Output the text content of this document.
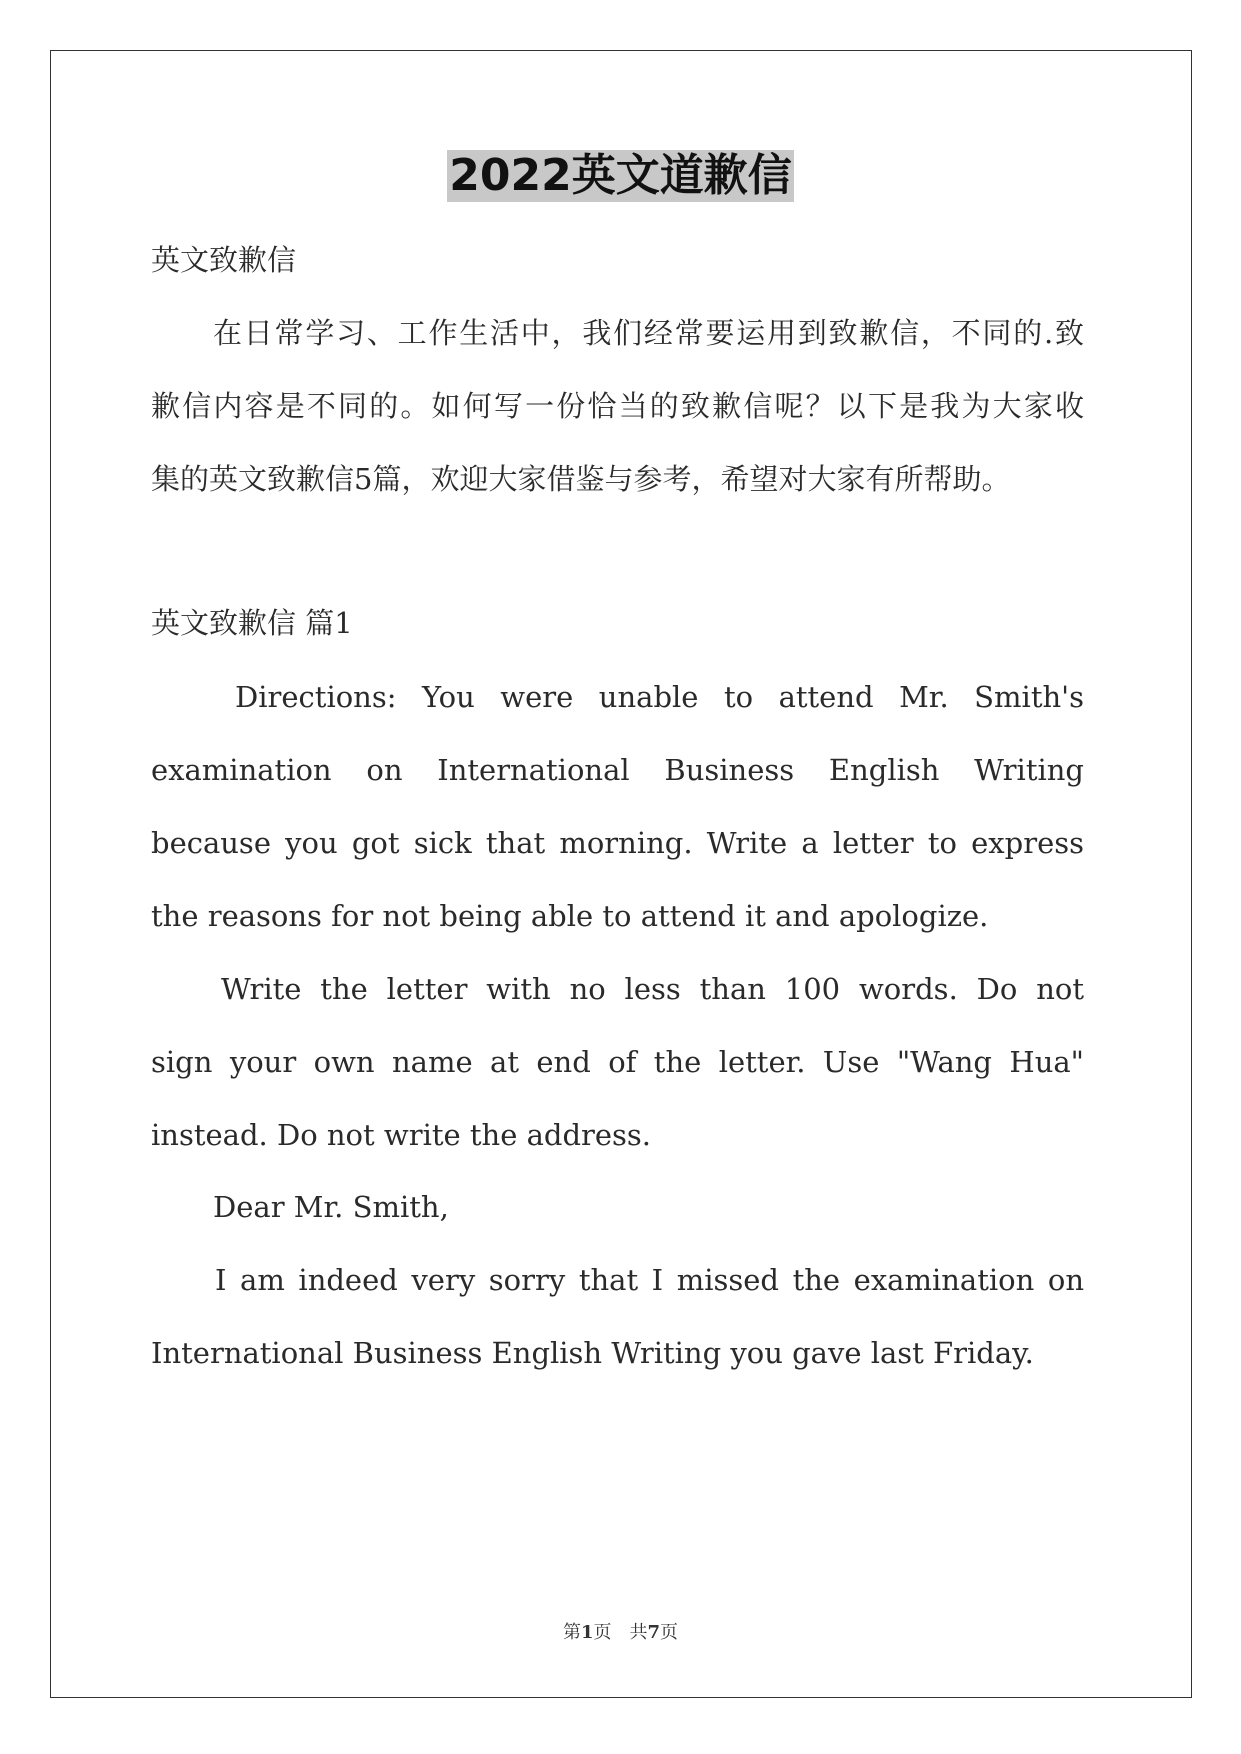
2022英文道歉信
英文致歉信
在日常学习、工作生活中，我们经常要运用到致歉信，不同的.致
歉信内容是不同的。如何写一份恰当的致歉信呢？以下是我为大家收
集的英文致歉信5篇，欢迎大家借鉴与参考，希望对大家有所帮助。
英文致歉信 篇1
Directions: You were unable to attend Mr. Smith's
examination on International Business English Writing
because you got sick that morning. Write a letter to express
the reasons for not being able to attend it and apologize.
Write the letter with no less than 100 words. Do not
sign your own name at end of the letter. Use "Wang Hua"
instead. Do not write the address.
Dear Mr. Smith,
I am indeed very sorry that I missed the examination on
International Business English Writing you gave last Friday.
第1页　共7页
